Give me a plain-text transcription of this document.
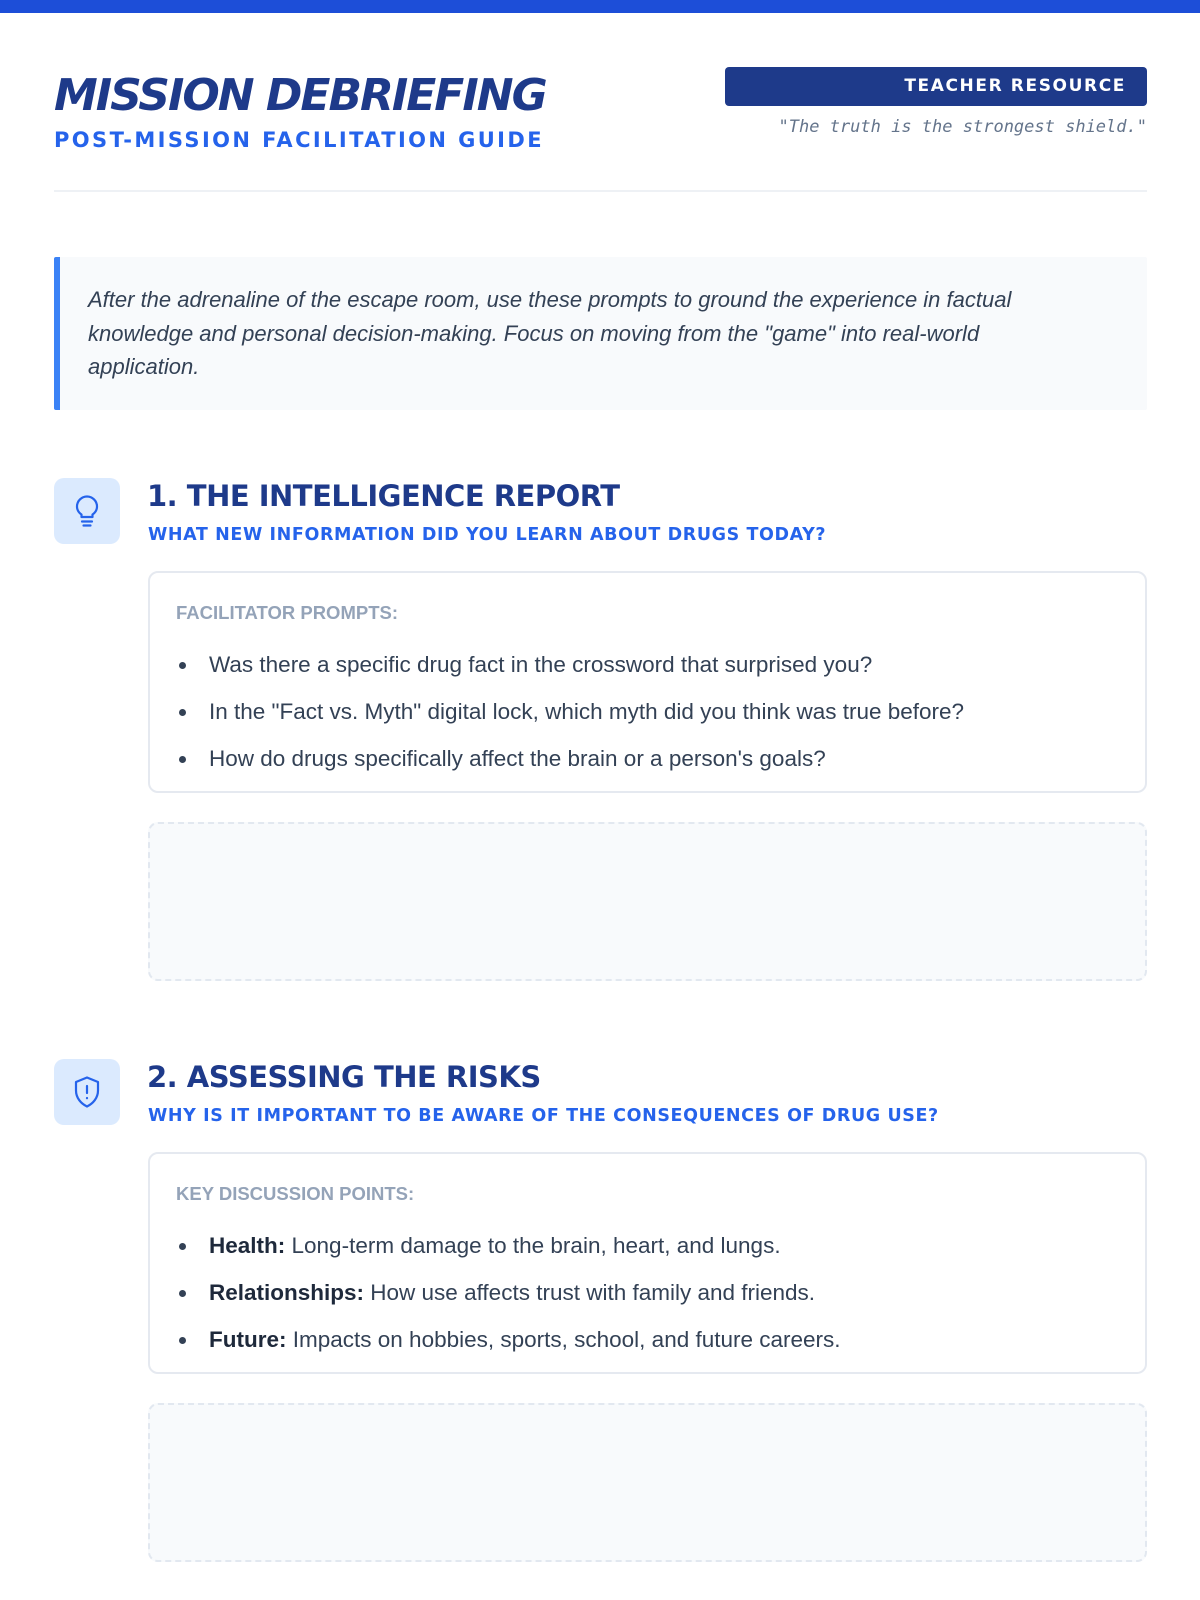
MISSION DEBRIEFING
POST-MISSION FACILITATION GUIDE
TEACHER RESOURCE
"The truth is the strongest shield."
After the adrenaline of the escape room, use these prompts to ground the experience in factual knowledge and personal decision-making. Focus on moving from the "game" into real-world application.
1. THE INTELLIGENCE REPORT
WHAT NEW INFORMATION DID YOU LEARN ABOUT DRUGS TODAY?
FACILITATOR PROMPTS:
Was there a specific drug fact in the crossword that surprised you?
In the "Fact vs. Myth" digital lock, which myth did you think was true before?
How do drugs specifically affect the brain or a person's goals?
2. ASSESSING THE RISKS
WHY IS IT IMPORTANT TO BE AWARE OF THE CONSEQUENCES OF DRUG USE?
KEY DISCUSSION POINTS:
Health: Long-term damage to the brain, heart, and lungs.
Relationships: How use affects trust with family and friends.
Future: Impacts on hobbies, sports, school, and future careers.
